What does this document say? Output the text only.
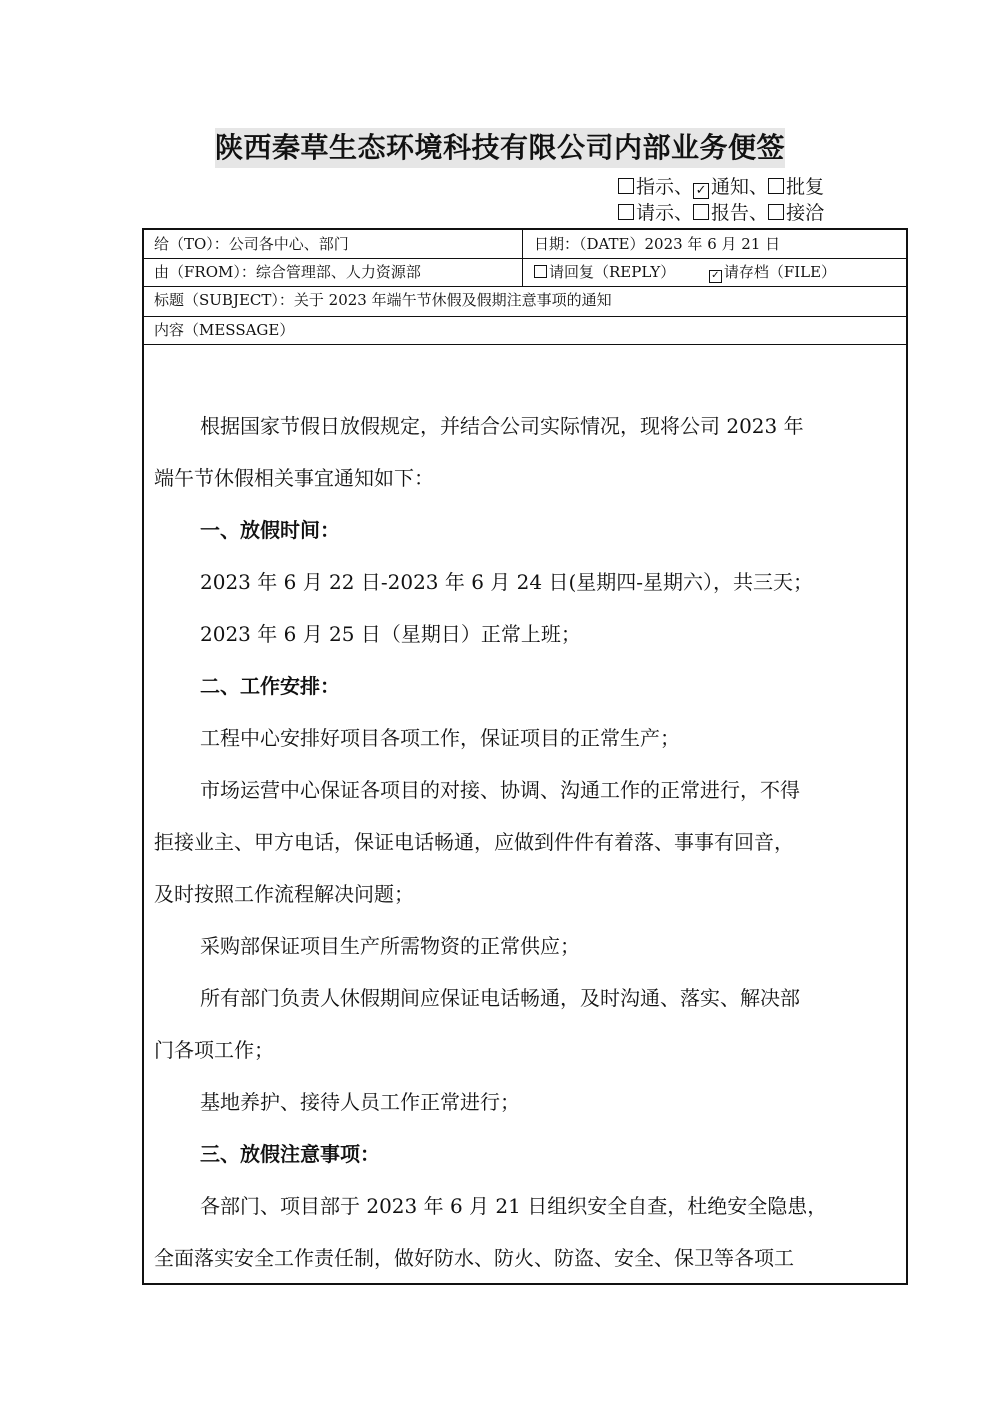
陕西秦草生态环境科技有限公司内部业务便签
指示、 ✓ 通知、 批复
请示、 报告、 接洽
给（TO）：公司各中心、部门	日期：（DATE）2023 年 6 月 21 日
由（FROM）：综合管理部、人力资源部	请回复（REPLY）	✓ 请存档（FILE）
标题（SUBJECT）：关于 2023 年端午节休假及假期注意事项的通知
内容（MESSAGE）
根据国家节假日放假规定，并结合公司实际情况，现将公司 2023 年
端午节休假相关事宜通知如下：
一、放假时间：
2023 年 6 月 22 日-2023 年 6 月 24 日(星期四-星期六），共三天；
2023 年 6 月 25 日（星期日）正常上班；
二、工作安排：
工程中心安排好项目各项工作，保证项目的正常生产；
市场运营中心保证各项目的对接、协调、沟通工作的正常进行，不得
拒接业主、甲方电话，保证电话畅通，应做到件件有着落、事事有回音，
及时按照工作流程解决问题；
采购部保证项目生产所需物资的正常供应；
所有部门负责人休假期间应保证电话畅通，及时沟通、落实、解决部
门各项工作；
基地养护、接待人员工作正常进行；
三、放假注意事项：
各部门、项目部于 2023 年 6 月 21 日组织安全自查，杜绝安全隐患，
全面落实安全工作责任制，做好防水、防火、防盗、安全、保卫等各项工
